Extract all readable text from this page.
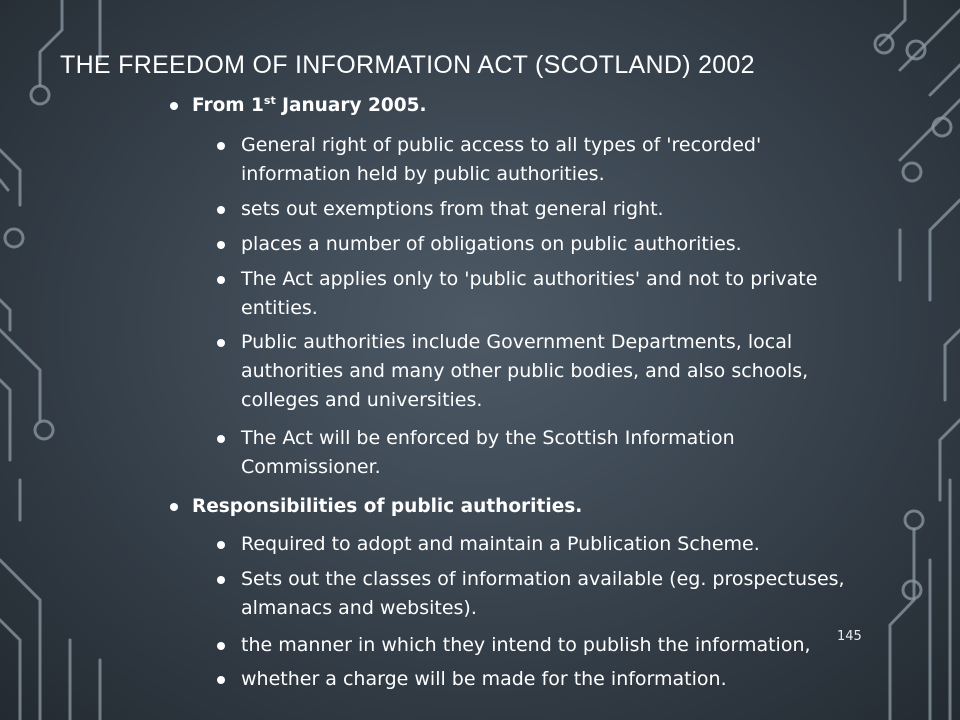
THE FREEDOM OF INFORMATION ACT (SCOTLAND) 2002
From 1st January 2005.
General right of public access to all types of 'recorded'
information held by public authorities.
sets out exemptions from that general right.
places a number of obligations on public authorities.
The Act applies only to 'public authorities' and not to private
entities.
Public authorities include Government Departments, local
authorities and many other public bodies, and also schools,
colleges and universities.
The Act will be enforced by the Scottish Information
Commissioner.
Responsibilities of public authorities.
Required to adopt and maintain a Publication Scheme.
Sets out the classes of information available (eg. prospectuses,
almanacs and websites).
the manner in which they intend to publish the information,
whether a charge will be made for the information.
145
